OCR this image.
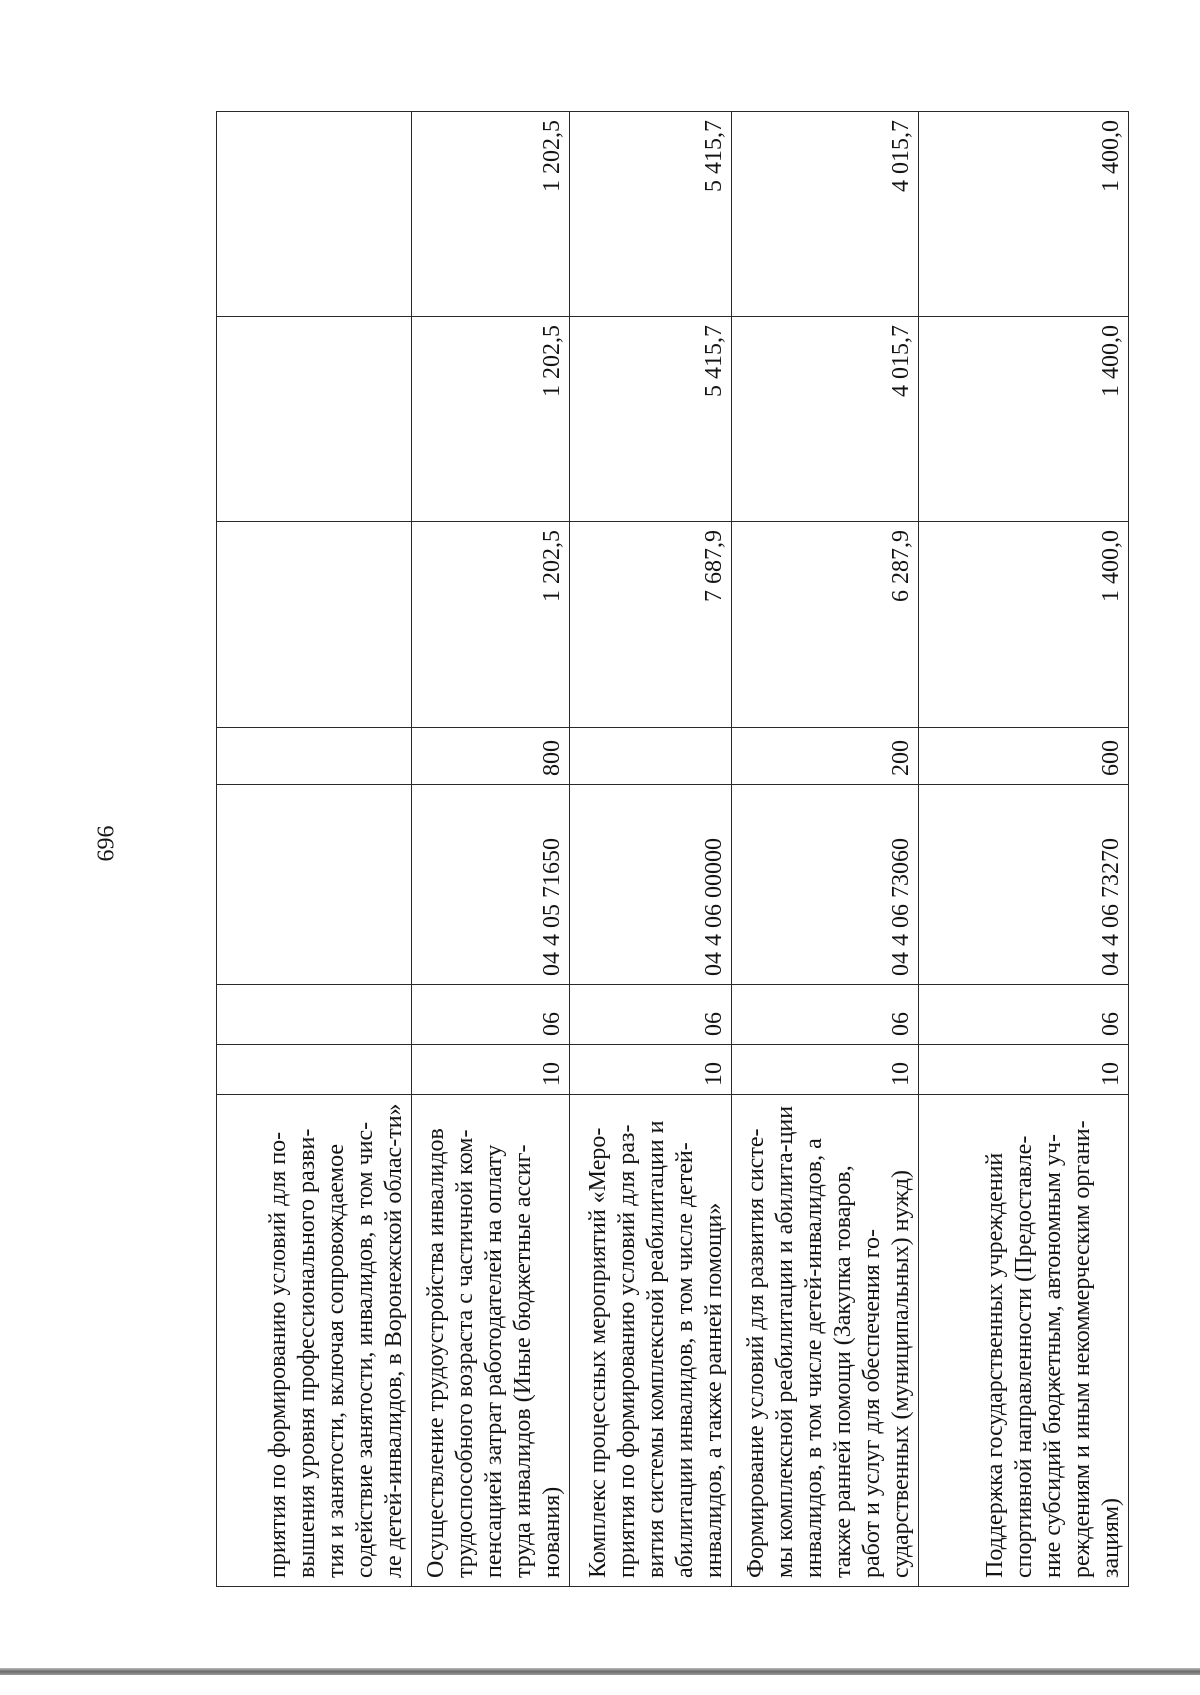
696
приятия по формированию условий для по-вышения уровня профессионального разви-тия и занятости, включая сопровождаемое содействие занятости, инвалидов, в том чис-ле детей-инвалидов, в Воронежской облас-ти»							
Осуществление трудоустройства инвалидов трудоспособного возраста с частичной ком-пенсацией затрат работодателей на оплату труда инвалидов (Иные бюджетные ассиг-нования)	10	06	04 4 05 71650	800	1 202,5	1 202,5	1 202,5
Комплекс процессных мероприятий «Меро-приятия по формированию условий для раз-вития системы комплексной реабилитации и абилитации инвалидов, в том числе детей-инвалидов, а также ранней помощи»	10	06	04 4 06 00000		7 687,9	5 415,7	5 415,7
Формирование условий для развития систе-мы комплексной реабилитации и абилита-ции инвалидов, в том числе детей-инвалидов, а также ранней помощи (Закупка товаров, работ и услуг для обеспечения го-сударственных (муниципальных) нужд)	10	06	04 4 06 73060	200	6 287,9	4 015,7	4 015,7
Поддержка государственных учреждений спортивной направленности (Предоставле-ние субсидий бюджетным, автономным уч-реждениям и иным некоммерческим органи-зациям)	10	06	04 4 06 73270	600	1 400,0	1 400,0	1 400,0
